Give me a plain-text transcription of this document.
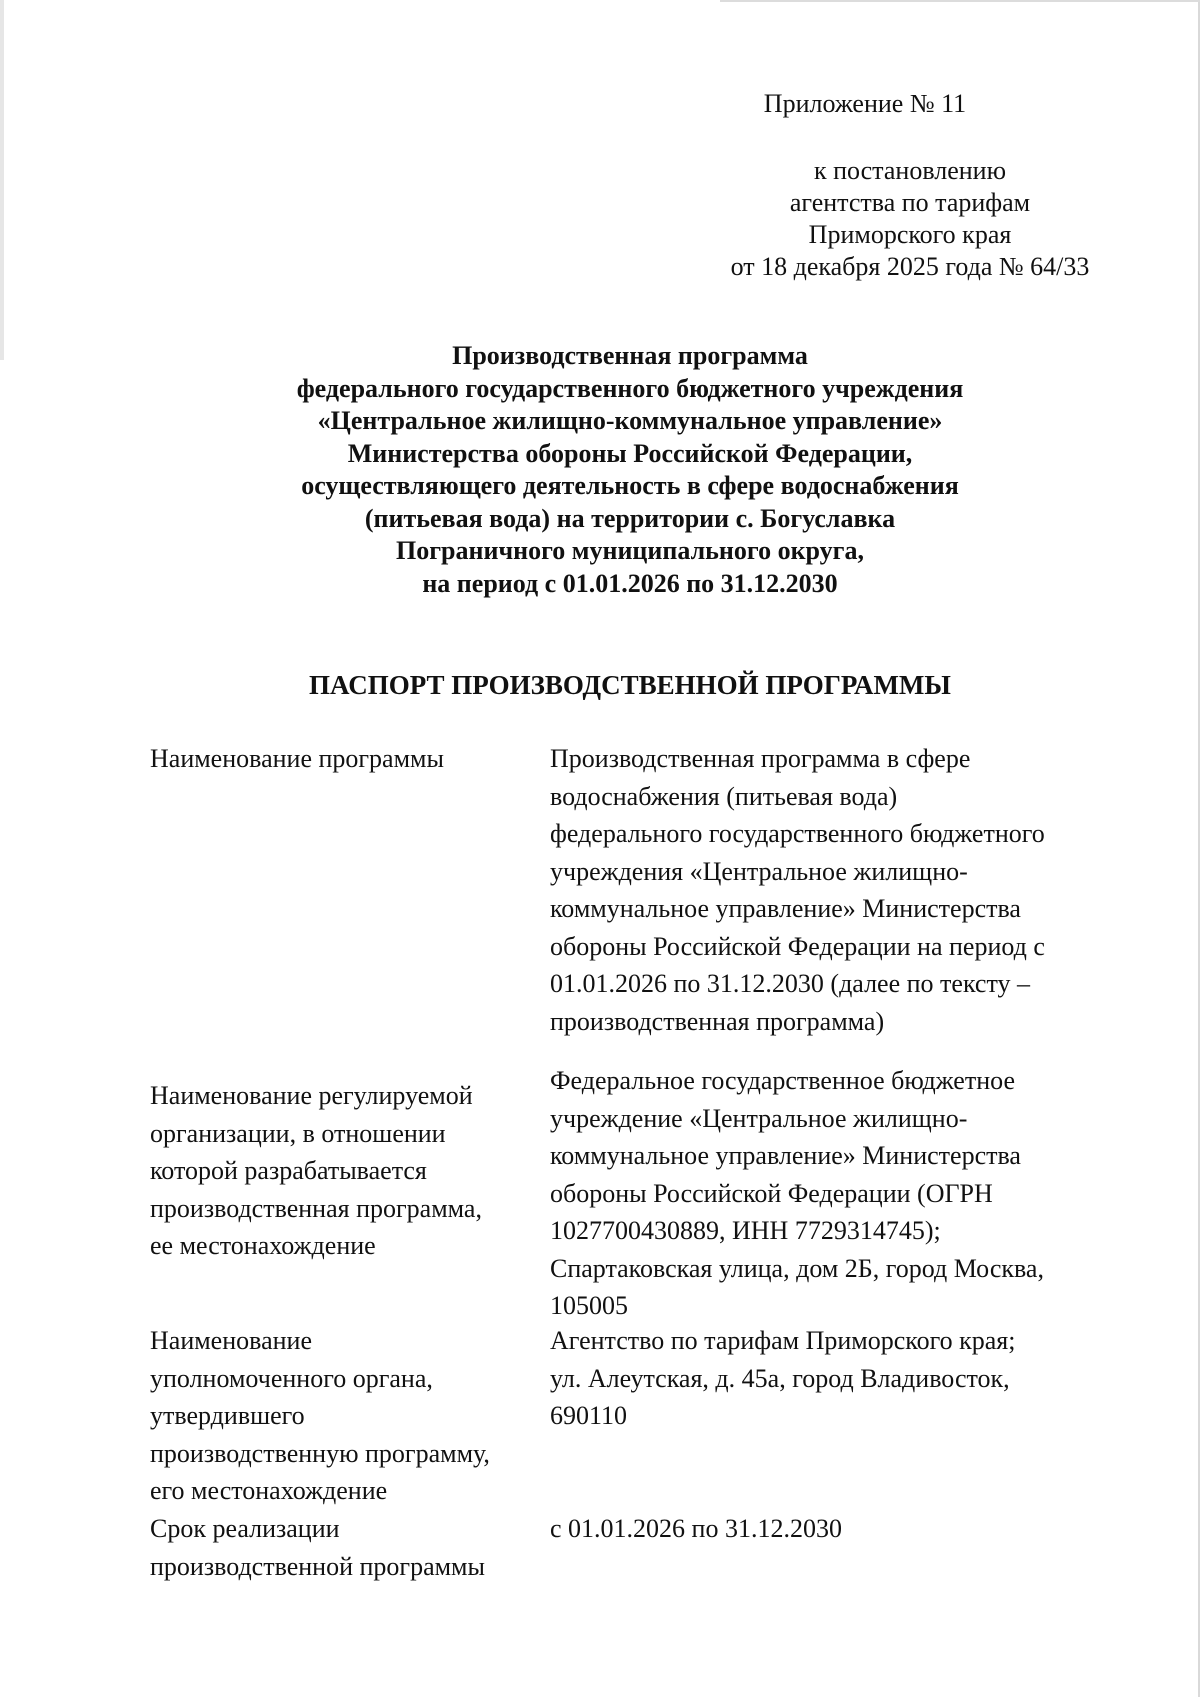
Приложение № 11
к постановлению
агентства по тарифам
Приморского края
от 18 декабря 2025 года № 64/33
Производственная программа
федерального государственного бюджетного учреждения
«Центральное жилищно-коммунальное управление»
Министерства обороны Российской Федерации,
осуществляющего деятельность в сфере водоснабжения
(питьевая вода) на территории с. Богуславка
Пограничного муниципального округа,
на период с 01.01.2026 по 31.12.2030
ПАСПОРТ ПРОИЗВОДСТВЕННОЙ ПРОГРАММЫ
Наименование программы	Производственная программа в сфере
водоснабжения (питьевая вода)
федерального государственного бюджетного
учреждения «Центральное жилищно-
коммунальное управление» Министерства
обороны Российской Федерации на период с
01.01.2026 по 31.12.2030 (далее по тексту –
производственная программа)
Наименование регулируемой
организации, в отношении
которой разрабатывается
производственная программа,
ее местонахождение
Федеральное государственное бюджетное
учреждение «Центральное жилищно-
коммунальное управление» Министерства
обороны Российской Федерации (ОГРН
1027700430889, ИНН 7729314745);
Спартаковская улица, дом 2Б, город Москва,
105005
Наименование
уполномоченного органа,
утвердившего
производственную программу,
его местонахождение
Агентство по тарифам Приморского края;
ул. Алеутская, д. 45а, город Владивосток,
690110
Срок реализации
производственной программы
с 01.01.2026 по 31.12.2030
